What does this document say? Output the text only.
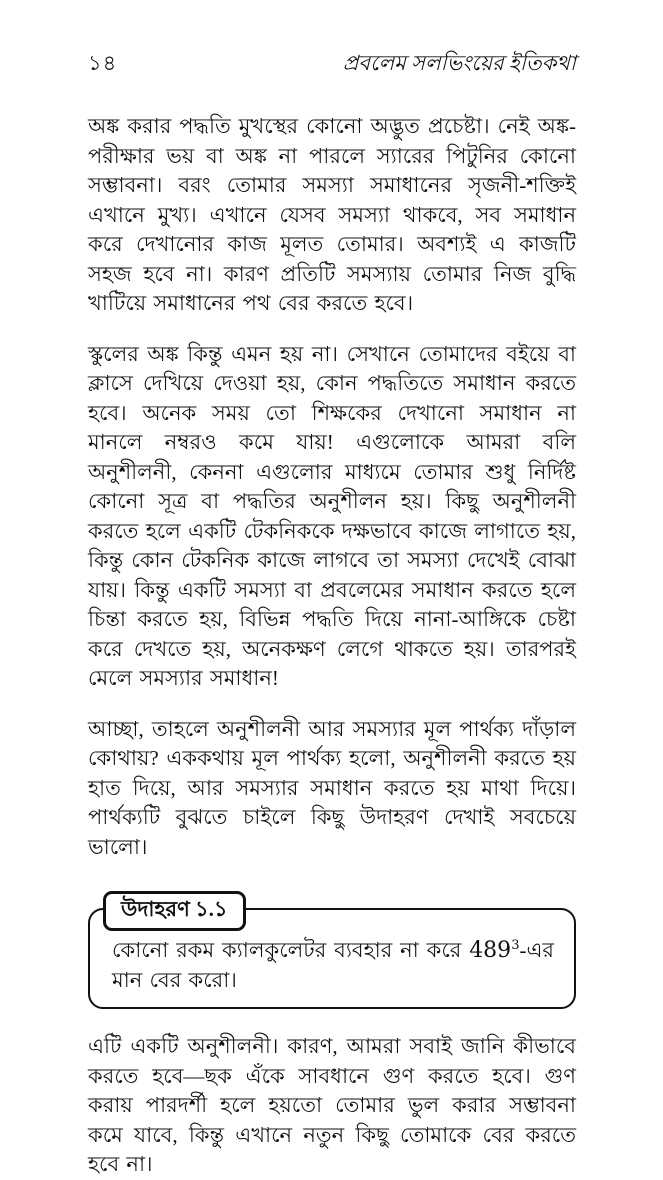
১৪	প্রবলেম সলভিংয়ের ইতিকথা

অঙ্ক করার পদ্ধতি মুখস্থের কোনো অদ্ভুত প্রচেষ্টা। নেই অঙ্ক-পরীক্ষার ভয় বা অঙ্ক না পারলে স্যারের পিটুনির কোনো সম্ভাবনা। বরং তোমার সমস্যা সমাধানের সৃজনী-শক্তিই এখানে মুখ্য। এখানে যেসব সমস্যা থাকবে, সব সমাধান করে দেখানোর কাজ মূলত তোমার। অবশ্যই এ কাজটি সহজ হবে না। কারণ প্রতিটি সমস্যায় তোমার নিজ বুদ্ধি খাটিয়ে সমাধানের পথ বের করতে হবে।

স্কুলের অঙ্ক কিন্তু এমন হয় না। সেখানে তোমাদের বইয়ে বা ক্লাসে দেখিয়ে দেওয়া হয়, কোন পদ্ধতিতে সমাধান করতে হবে। অনেক সময় তো শিক্ষকের দেখানো সমাধান না মানলে নম্বরও কমে যায়! এগুলোকে আমরা বলি অনুশীলনী, কেননা এগুলোর মাধ্যমে তোমার শুধু নির্দিষ্ট কোনো সূত্র বা পদ্ধতির অনুশীলন হয়। কিছু অনুশীলনী করতে হলে একটি টেকনিককে দক্ষভাবে কাজে লাগাতে হয়, কিন্তু কোন টেকনিক কাজে লাগবে তা সমস্যা দেখেই বোঝা যায়। কিন্তু একটি সমস্যা বা প্রবলেমের সমাধান করতে হলে চিন্তা করতে হয়, বিভিন্ন পদ্ধতি দিয়ে নানা-আঙ্গিকে চেষ্টা করে দেখতে হয়, অনেকক্ষণ লেগে থাকতে হয়। তারপরই মেলে সমস্যার সমাধান!

আচ্ছা, তাহলে অনুশীলনী আর সমস্যার মূল পার্থক্য দাঁড়াল কোথায়? এককথায় মূল পার্থক্য হলো, অনুশীলনী করতে হয় হাত দিয়ে, আর সমস্যার সমাধান করতে হয় মাথা দিয়ে। পার্থক্যটি বুঝতে চাইলে কিছু উদাহরণ দেখাই সবচেয়ে ভালো।

উদাহরণ ১.১

কোনো রকম ক্যালকুলেটর ব্যবহার না করে $489^3-এর$ মান বের করো।

এটি একটি অনুশীলনী। কারণ, আমরা সবাই জানি কীভাবে করতে হবে—ছক এঁকে সাবধানে গুণ করতে হবে। গুণ করায় পারদর্শী হলে হয়তো তোমার ভুল করার সম্ভাবনা কমে যাবে, কিন্তু এখানে নতুন কিছু তোমাকে বের করতে হবে না।
